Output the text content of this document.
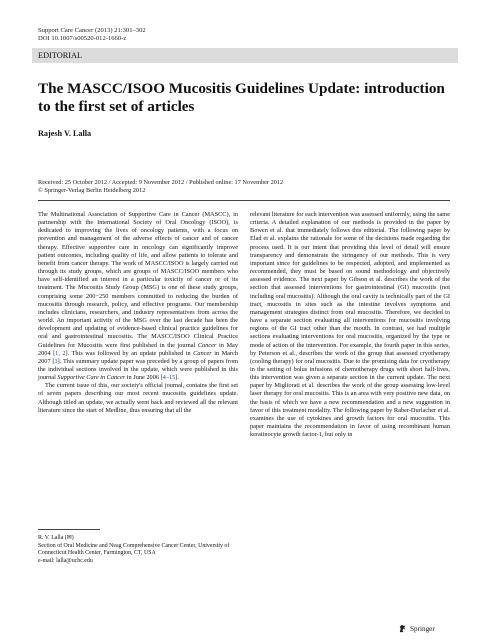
Support Care Cancer (2013) 21:301–302
DOI 10.1007/s00520-012-1660-z
EDITORIAL
The MASCC/ISOO Mucositis Guidelines Update: introduction to the first set of articles
Rajesh V. Lalla
Received: 25 October 2012 / Accepted: 9 November 2012 / Published online: 17 November 2012
© Springer-Verlag Berlin Heidelberg 2012

The Multinational Association of Supportive Care in Cancer (MASCC), in partnership with the International Society of Oral Oncology (ISOO), is dedicated to improving the lives of oncology patients, with a focus on prevention and management of the adverse effects of cancer and of cancer therapy. Effective supportive care in oncology can significantly improve patient outcomes, including quality of life, and allow patients to tolerate and benefit from cancer therapy. The work of MASCC/ISOO is largely carried out through its study groups, which are groups of MASCC/ISOO members who have self-identified an interest in a particular toxicity of cancer or of its treatment. The Mucositis Study Group (MSG) is one of these study groups, comprising some 200−250 members committed to reducing the burden of mucositis through research, policy, and effective programs. Our membership includes clinicians, researchers, and industry representatives from across the world. An important activity of the MSG over the last decade has been the development and updating of evidence-based clinical practice guidelines for oral and gastrointestinal mucositis. The MASCC/ISOO Clinical Practice Guidelines for Mucositis were first published in the journal Cancer in May 2004 [1, 2]. This was followed by an update published in Cancer in March 2007 [3]. This summary update paper was preceded by a group of papers from the individual sections involved in the update, which were published in this journal Supportive Care in Cancer in June 2006 [4–15].

The current issue of this, our society's official journal, contains the first set of seven papers describing our most recent mucositis guidelines update. Although titled an update, we actually went back and reviewed all the relevant literature since the start of Medline, thus ensuring that all the

relevant literature for each intervention was assessed uniformly, using the same criteria. A detailed explanation of our methods is provided in the paper by Bowen et al. that immediately follows this editorial. The following paper by Elad et al. explains the rationale for some of the decisions made regarding the process used. It is our intent that providing this level of detail will ensure transparency and demonstrate the stringency of our methods. This is very important since for guidelines to be respected, adopted, and implemented as recommended, they must be based on sound methodology and objectively assessed evidence. The next paper by Gibson et al. describes the work of the section that assessed interventions for gastrointestinal (GI) mucositis (not including oral mucositis). Although the oral cavity is technically part of the GI tract, mucositis in sites such as the intestine involves symptoms and management strategies distinct from oral mucositis. Therefore, we decided to have a separate section evaluating all interventions for mucositis involving regions of the GI tract other than the mouth. In contrast, we had multiple sections evaluating interventions for oral mucositis, organized by the type or mode of action of the intervention. For example, the fourth paper in this series, by Peterson et al., describes the work of the group that assessed cryotherapy (cooling therapy) for oral mucositis. Due to the promising data for cryotherapy in the setting of bolus infusions of chemotherapy drugs with short half-lives, this intervention was given a separate section in the current update. The next paper by Migliorati et al. describes the work of the group assessing low-level laser therapy for oral mucositis. This is an area with very positive new data, on the basis of which we have a new recommendation and a new suggestion in favor of this treatment modality. The following paper by Raber-Durlacher et al. examines the use of cytokines and growth factors for oral mucositis. This paper maintains the recommendation in favor of using recombinant human keratinocyte growth factor-1, but only in

R. V. Lalla (✉)
Section of Oral Medicine and Neag Comprehensive Cancer Center, University of Connecticut Health Center, Farmington, CT, USA
e-mail: lalla@uchc.edu
Springer
